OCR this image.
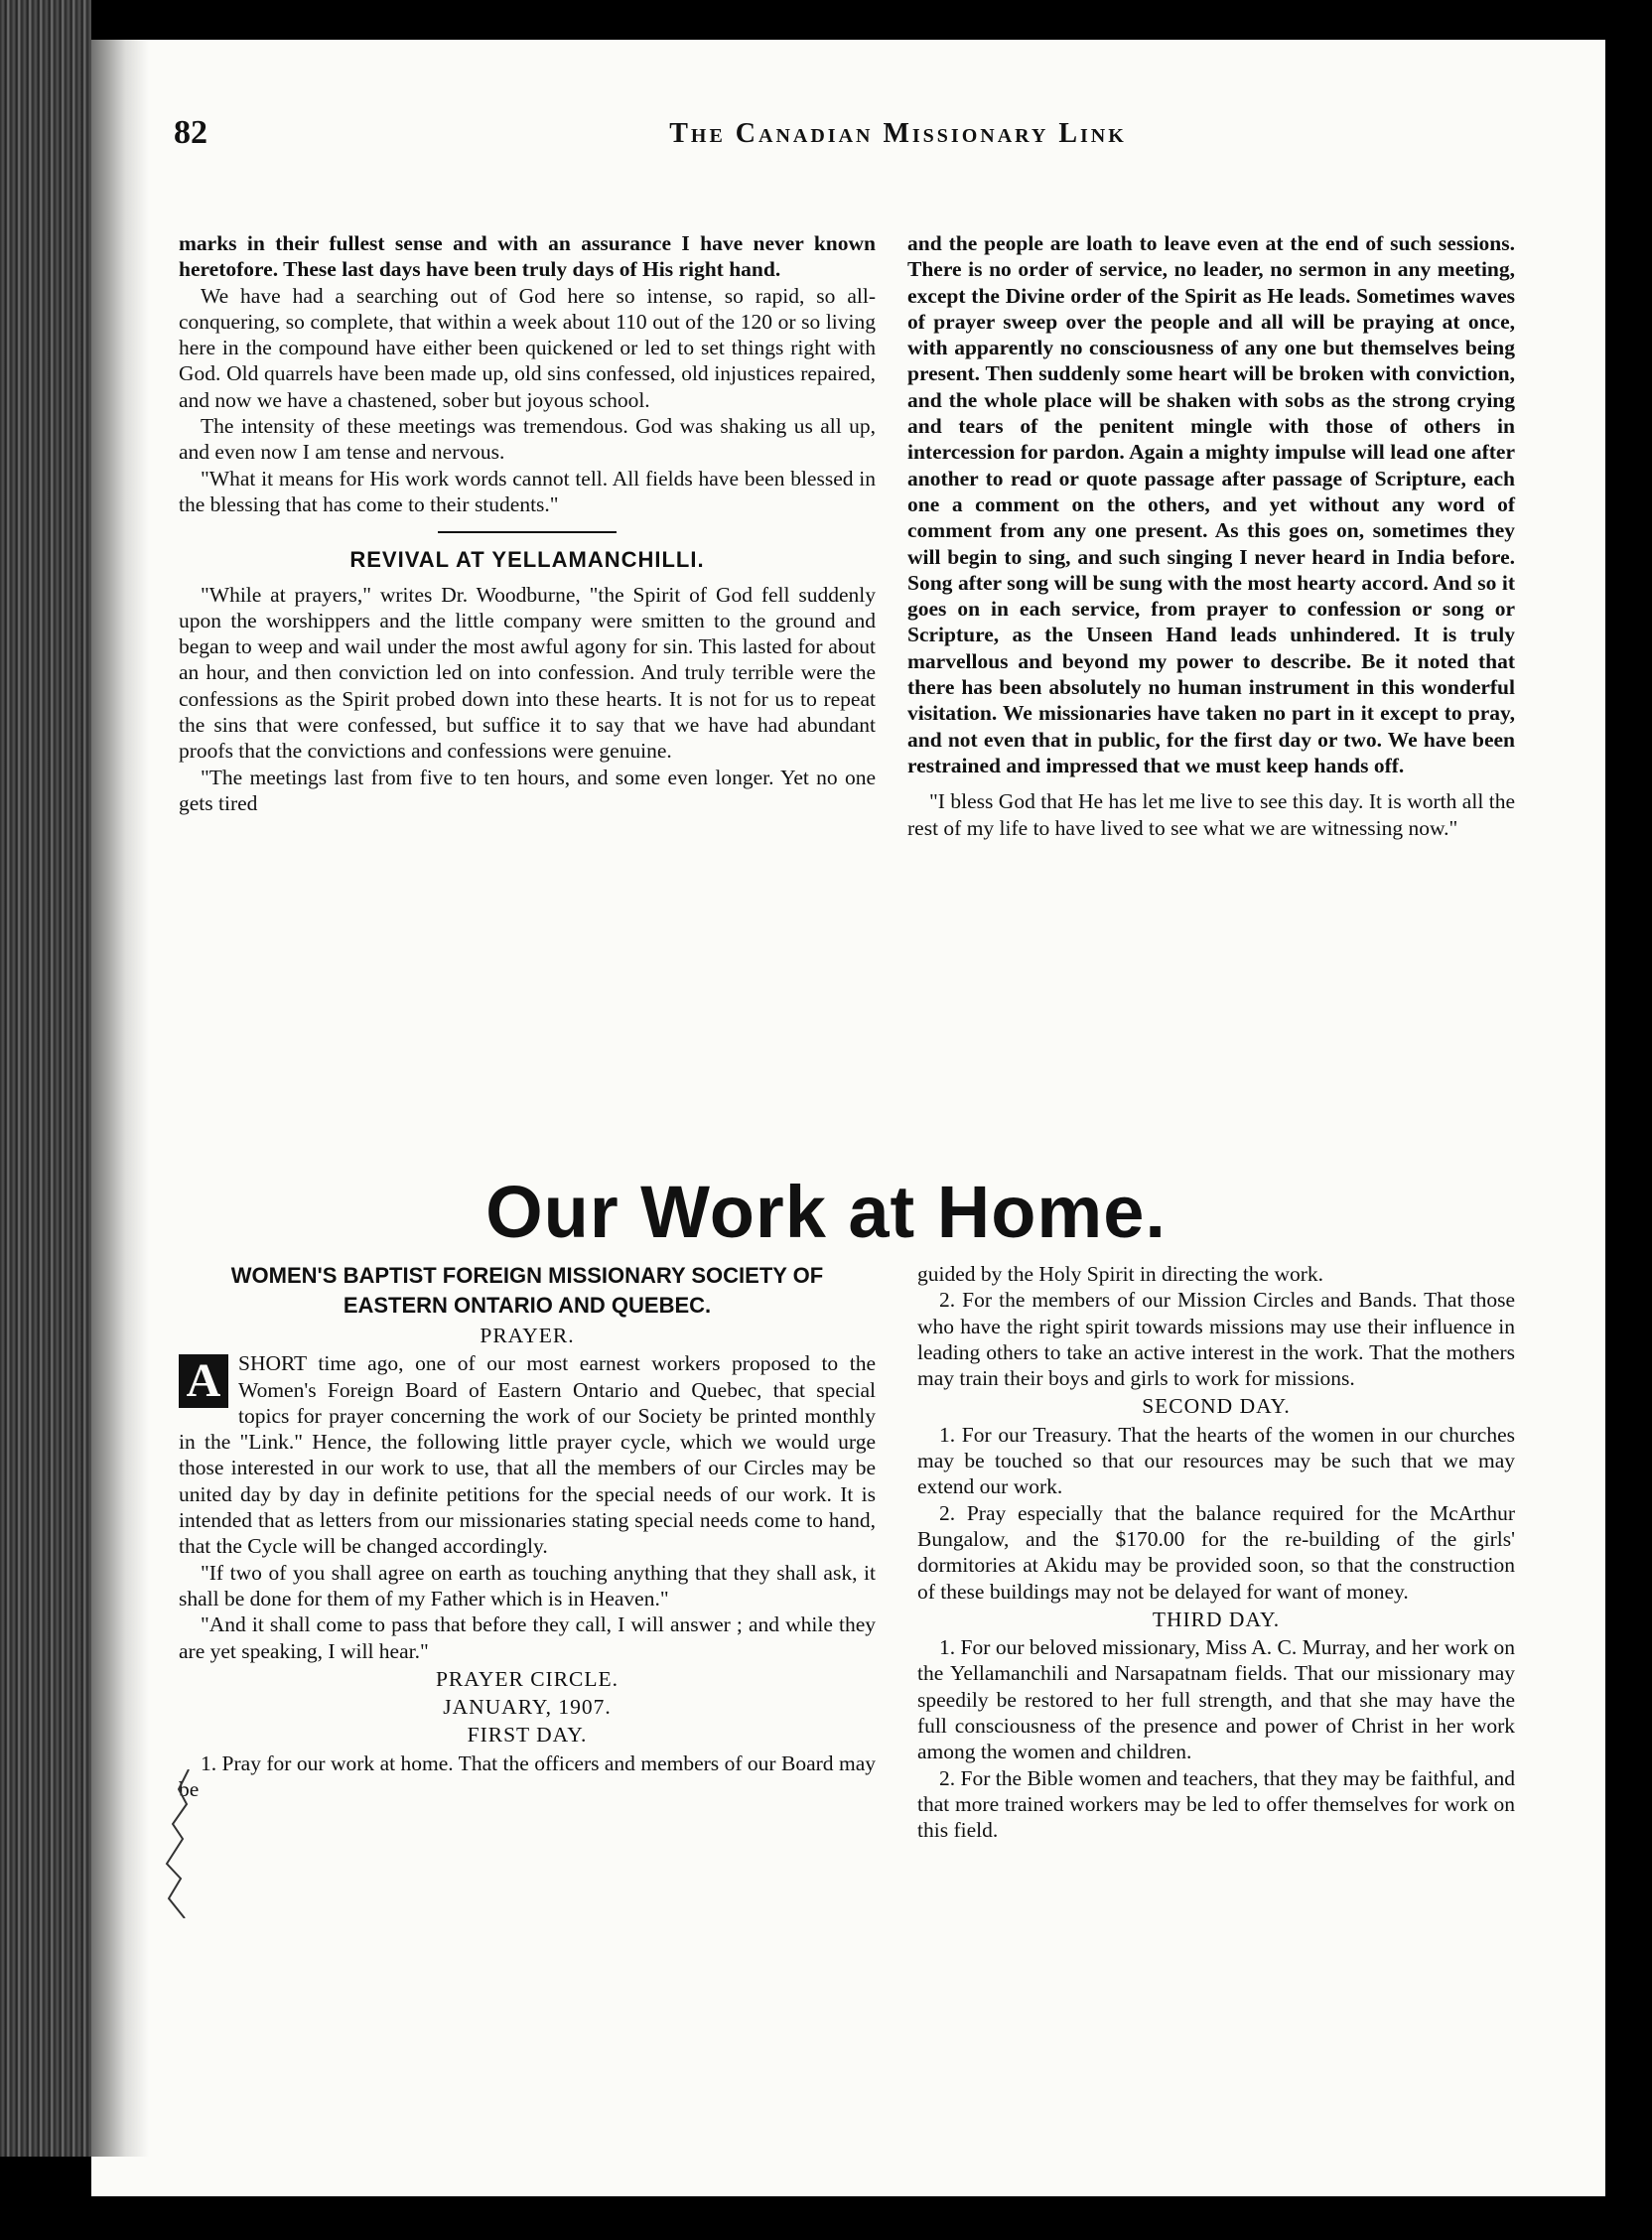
82	The Canadian Missionary Link

marks in their fullest sense and with an assurance I have never known heretofore. These last days have been truly days of His right hand.

We have had a searching out of God here so intense, so rapid, so all-conquering, so complete, that within a week about 110 out of the 120 or so living here in the compound have either been quickened or led to set things right with God. Old quarrels have been made up, old sins confessed, old injustices repaired, and now we have a chastened, sober but joyous school.

The intensity of these meetings was tremendous. God was shaking us all up, and even now I am tense and nervous.

"What it means for His work words cannot tell. All fields have been blessed in the blessing that has come to their students."

REVIVAL AT YELLAMANCHILLI.

"While at prayers," writes Dr. Woodburne, "the Spirit of God fell suddenly upon the worshippers and the little company were smitten to the ground and began to weep and wail under the most awful agony for sin. This lasted for about an hour, and then conviction led on into confession. And truly terrible were the confessions as the Spirit probed down into these hearts. It is not for us to repeat the sins that were confessed, but suffice it to say that we have had abundant proofs that the convictions and confessions were genuine.

"The meetings last from five to ten hours, and some even longer. Yet no one gets tired

and the people are loath to leave even at the end of such sessions. There is no order of service, no leader, no sermon in any meeting, except the Divine order of the Spirit as He leads. Sometimes waves of prayer sweep over the people and all will be praying at once, with apparently no consciousness of any one but themselves being present. Then suddenly some heart will be broken with conviction, and the whole place will be shaken with sobs as the strong crying and tears of the penitent mingle with those of others in intercession for pardon. Again a mighty impulse will lead one after another to read or quote passage after passage of Scripture, each one a comment on the others, and yet without any word of comment from any one present. As this goes on, sometimes they will begin to sing, and such singing I never heard in India before. Song after song will be sung with the most hearty accord. And so it goes on in each service, from prayer to confession or song or Scripture, as the Unseen Hand leads unhindered. It is truly marvellous and beyond my power to describe. Be it noted that there has been absolutely no human instrument in this wonderful visitation. We missionaries have taken no part in it except to pray, and not even that in public, for the first day or two. We have been restrained and impressed that we must keep hands off.

"I bless God that He has let me live to see this day. It is worth all the rest of my life to have lived to see what we are witnessing now."

Our Work at Home.
WOMEN'S BAPTIST FOREIGN MISSIONARY SOCIETY OF EASTERN ONTARIO AND QUEBEC.
PRAYER.

A SHORT time ago, one of our most earnest workers proposed to the Women's Foreign Board of Eastern Ontario and Quebec, that special topics for prayer concerning the work of our Society be printed monthly in the "Link." Hence, the following little prayer cycle, which we would urge those interested in our work to use, that all the members of our Circles may be united day by day in definite petitions for the special needs of our work. It is intended that as letters from our missionaries stating special needs come to hand, that the Cycle will be changed accordingly.

"If two of you shall agree on earth as touching anything that they shall ask, it shall be done for them of my Father which is in Heaven."

"And it shall come to pass that before they call, I will answer ; and while they are yet speaking, I will hear."

PRAYER CIRCLE.
JANUARY, 1907.
FIRST DAY.

1. Pray for our work at home. That the officers and members of our Board may be

guided by the Holy Spirit in directing the work.

2. For the members of our Mission Circles and Bands. That those who have the right spirit towards missions may use their influence in leading others to take an active interest in the work. That the mothers may train their boys and girls to work for missions.

SECOND DAY.

1. For our Treasury. That the hearts of the women in our churches may be touched so that our resources may be such that we may extend our work.

2. Pray especially that the balance required for the McArthur Bungalow, and the $170.00 for the re-building of the girls' dormitories at Akidu may be provided soon, so that the construction of these buildings may not be delayed for want of money.

THIRD DAY.

1. For our beloved missionary, Miss A. C. Murray, and her work on the Yellamanchili and Narsapatnam fields. That our missionary may speedily be restored to her full strength, and that she may have the full consciousness of the presence and power of Christ in her work among the women and children.

2. For the Bible women and teachers, that they may be faithful, and that more trained workers may be led to offer themselves for work on this field.
